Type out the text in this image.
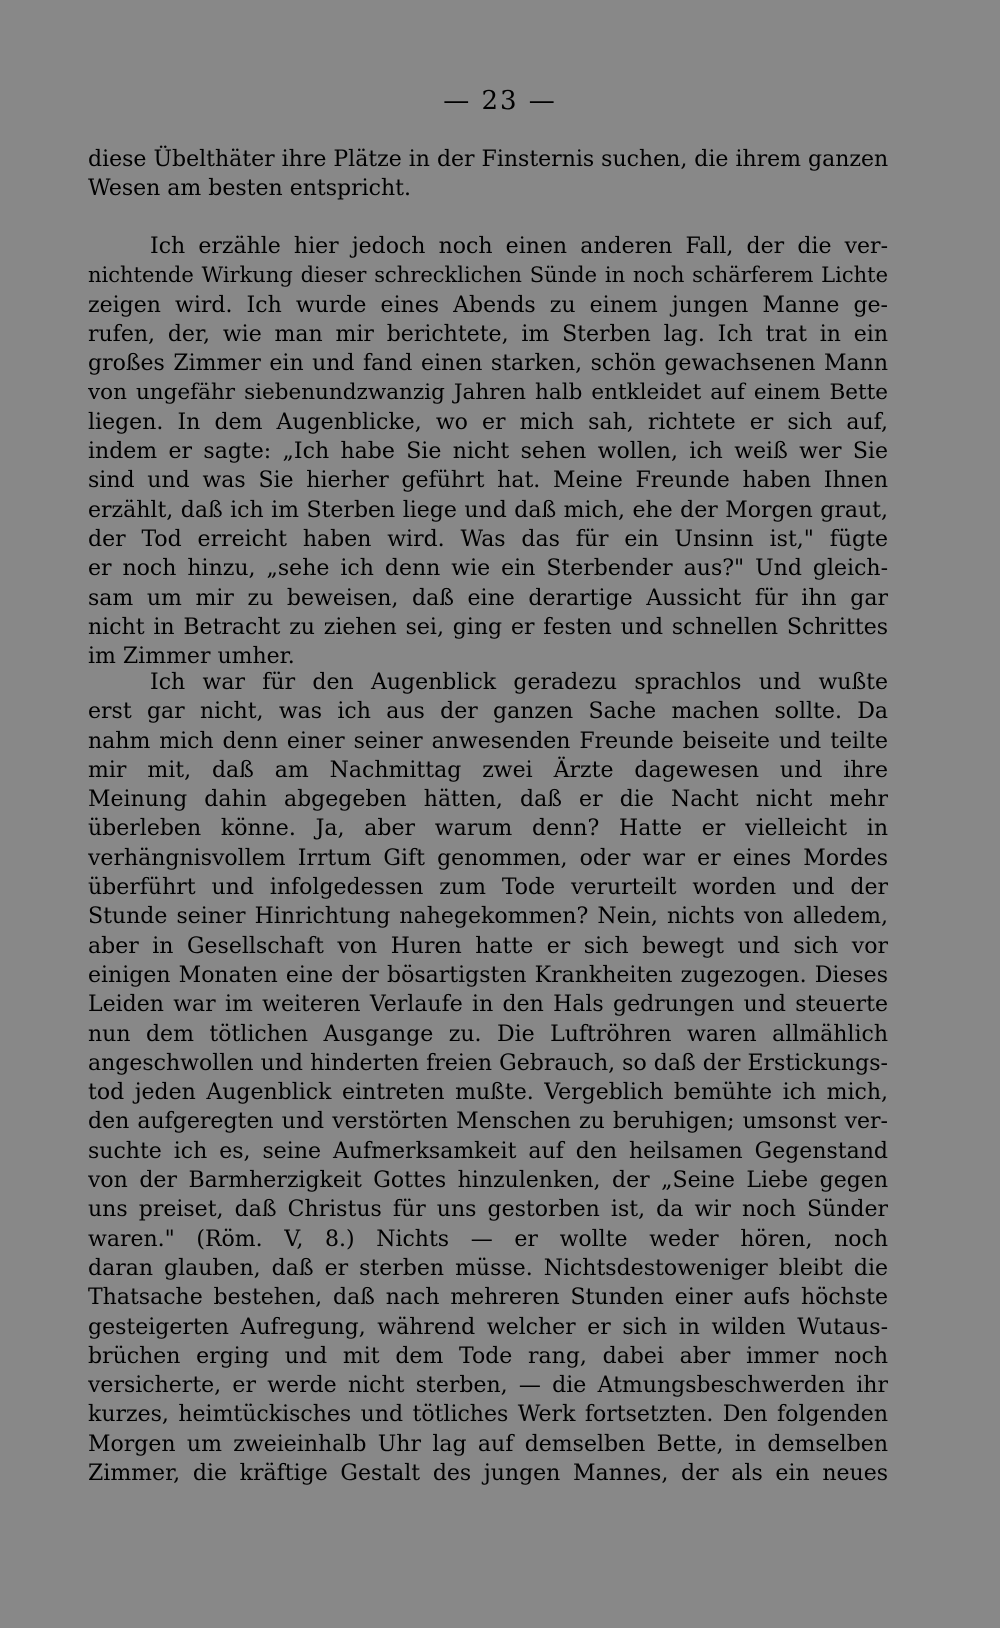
— 23 —
diese Übelthäter ihre Plätze in der Finsternis suchen, die ihrem ganzen
Wesen am besten entspricht.
Ich erzähle hier jedoch noch einen anderen Fall, der die ver-
nichtende Wirkung dieser schrecklichen Sünde in noch schärferem Lichte
zeigen wird. Ich wurde eines Abends zu einem jungen Manne ge-
rufen, der, wie man mir berichtete, im Sterben lag. Ich trat in ein
großes Zimmer ein und fand einen starken, schön gewachsenen Mann
von ungefähr siebenundzwanzig Jahren halb entkleidet auf einem Bette
liegen. In dem Augenblicke, wo er mich sah, richtete er sich auf,
indem er sagte: „Ich habe Sie nicht sehen wollen, ich weiß wer Sie
sind und was Sie hierher geführt hat. Meine Freunde haben Ihnen
erzählt, daß ich im Sterben liege und daß mich, ehe der Morgen graut,
der Tod erreicht haben wird. Was das für ein Unsinn ist," fügte
er noch hinzu, „sehe ich denn wie ein Sterbender aus?" Und gleich-
sam um mir zu beweisen, daß eine derartige Aussicht für ihn gar
nicht in Betracht zu ziehen sei, ging er festen und schnellen Schrittes
im Zimmer umher.
Ich war für den Augenblick geradezu sprachlos und wußte
erst gar nicht, was ich aus der ganzen Sache machen sollte. Da
nahm mich denn einer seiner anwesenden Freunde beiseite und teilte
mir mit, daß am Nachmittag zwei Ärzte dagewesen und ihre
Meinung dahin abgegeben hätten, daß er die Nacht nicht mehr
überleben könne. Ja, aber warum denn? Hatte er vielleicht in
verhängnisvollem Irrtum Gift genommen, oder war er eines Mordes
überführt und infolgedessen zum Tode verurteilt worden und der
Stunde seiner Hinrichtung nahegekommen? Nein, nichts von alledem,
aber in Gesellschaft von Huren hatte er sich bewegt und sich vor
einigen Monaten eine der bösartigsten Krankheiten zugezogen. Dieses
Leiden war im weiteren Verlaufe in den Hals gedrungen und steuerte
nun dem tötlichen Ausgange zu. Die Luftröhren waren allmählich
angeschwollen und hinderten freien Gebrauch, so daß der Erstickungs-
tod jeden Augenblick eintreten mußte. Vergeblich bemühte ich mich,
den aufgeregten und verstörten Menschen zu beruhigen; umsonst ver-
suchte ich es, seine Aufmerksamkeit auf den heilsamen Gegenstand
von der Barmherzigkeit Gottes hinzulenken, der „Seine Liebe gegen
uns preiset, daß Christus für uns gestorben ist, da wir noch Sünder
waren." (Röm. V, 8.) Nichts — er wollte weder hören, noch
daran glauben, daß er sterben müsse. Nichtsdestoweniger bleibt die
Thatsache bestehen, daß nach mehreren Stunden einer aufs höchste
gesteigerten Aufregung, während welcher er sich in wilden Wutaus-
brüchen erging und mit dem Tode rang, dabei aber immer noch
versicherte, er werde nicht sterben, — die Atmungsbeschwerden ihr
kurzes, heimtückisches und tötliches Werk fortsetzten. Den folgenden
Morgen um zweieinhalb Uhr lag auf demselben Bette, in demselben
Zimmer, die kräftige Gestalt des jungen Mannes, der als ein neues
